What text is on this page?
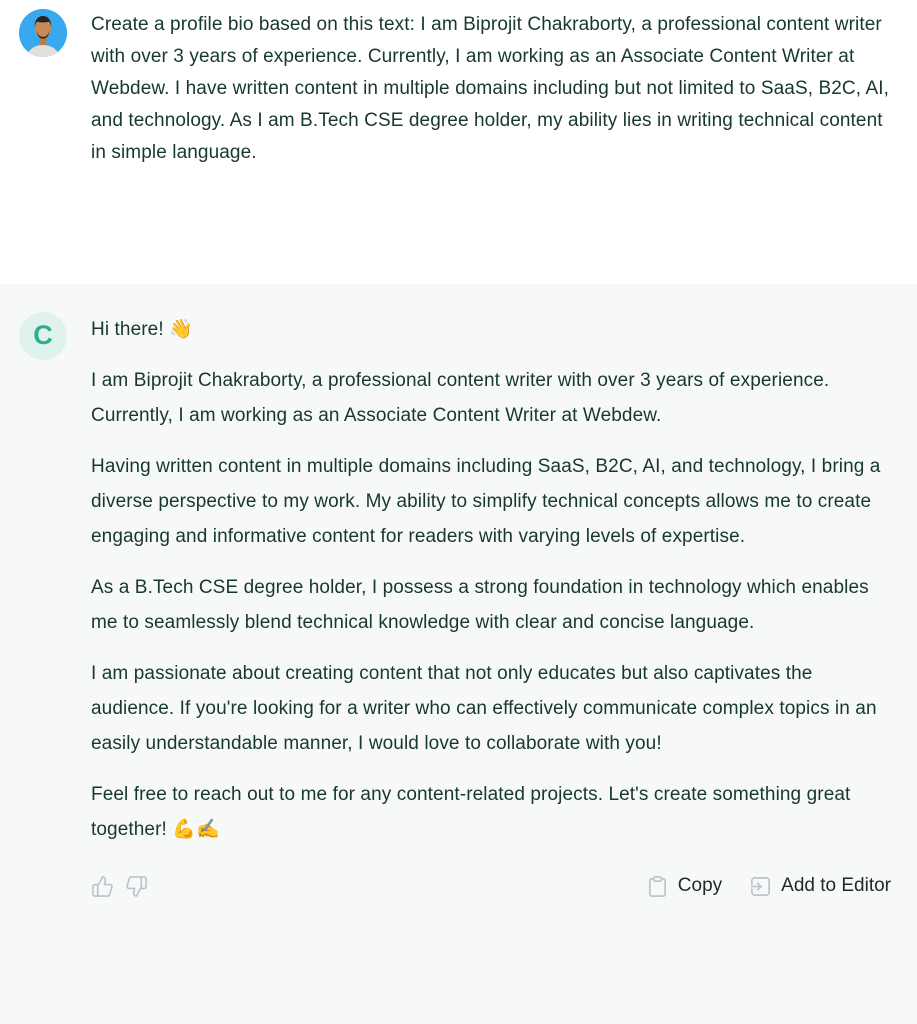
Create a profile bio based on this text: I am Biprojit Chakraborty, a professional content writer with over 3 years of experience. Currently, I am working as an Associate Content Writer at Webdew. I have written content in multiple domains including but not limited to SaaS, B2C, AI, and technology. As I am B.Tech CSE degree holder, my ability lies in writing technical content in simple language.
C Hi there! 👋

I am Biprojit Chakraborty, a professional content writer with over 3 years of experience. Currently, I am working as an Associate Content Writer at Webdew.

Having written content in multiple domains including SaaS, B2C, AI, and technology, I bring a diverse perspective to my work. My ability to simplify technical concepts allows me to create engaging and informative content for readers with varying levels of expertise.

As a B.Tech CSE degree holder, I possess a strong foundation in technology which enables me to seamlessly blend technical knowledge with clear and concise language.

I am passionate about creating content that not only educates but also captivates the audience. If you're looking for a writer who can effectively communicate complex topics in an easily understandable manner, I would love to collaborate with you!

Feel free to reach out to me for any content-related projects. Let's create something great together! 💪✍️

Copy	Add to Editor
